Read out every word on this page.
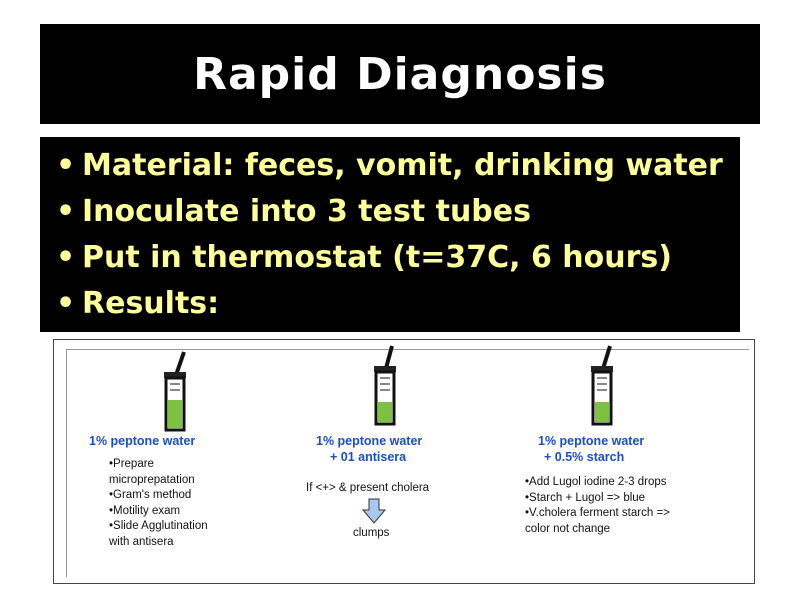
Rapid Diagnosis
• Material: feces, vomit, drinking water
• Inoculate into 3 test tubes
• Put in thermostat (t=37C, 6 hours)
• Results:
1% peptone water
•Prepare
microprepatation
•Gram's method
•Motility exam
•Slide Agglutination
with antisera
1% peptone water
+ 01 antisera
If <+> & present cholera
clumps
1% peptone water
+ 0.5% starch
•Add Lugol iodine 2-3 drops
•Starch + Lugol => blue
•V.cholera ferment starch =>
color not change
